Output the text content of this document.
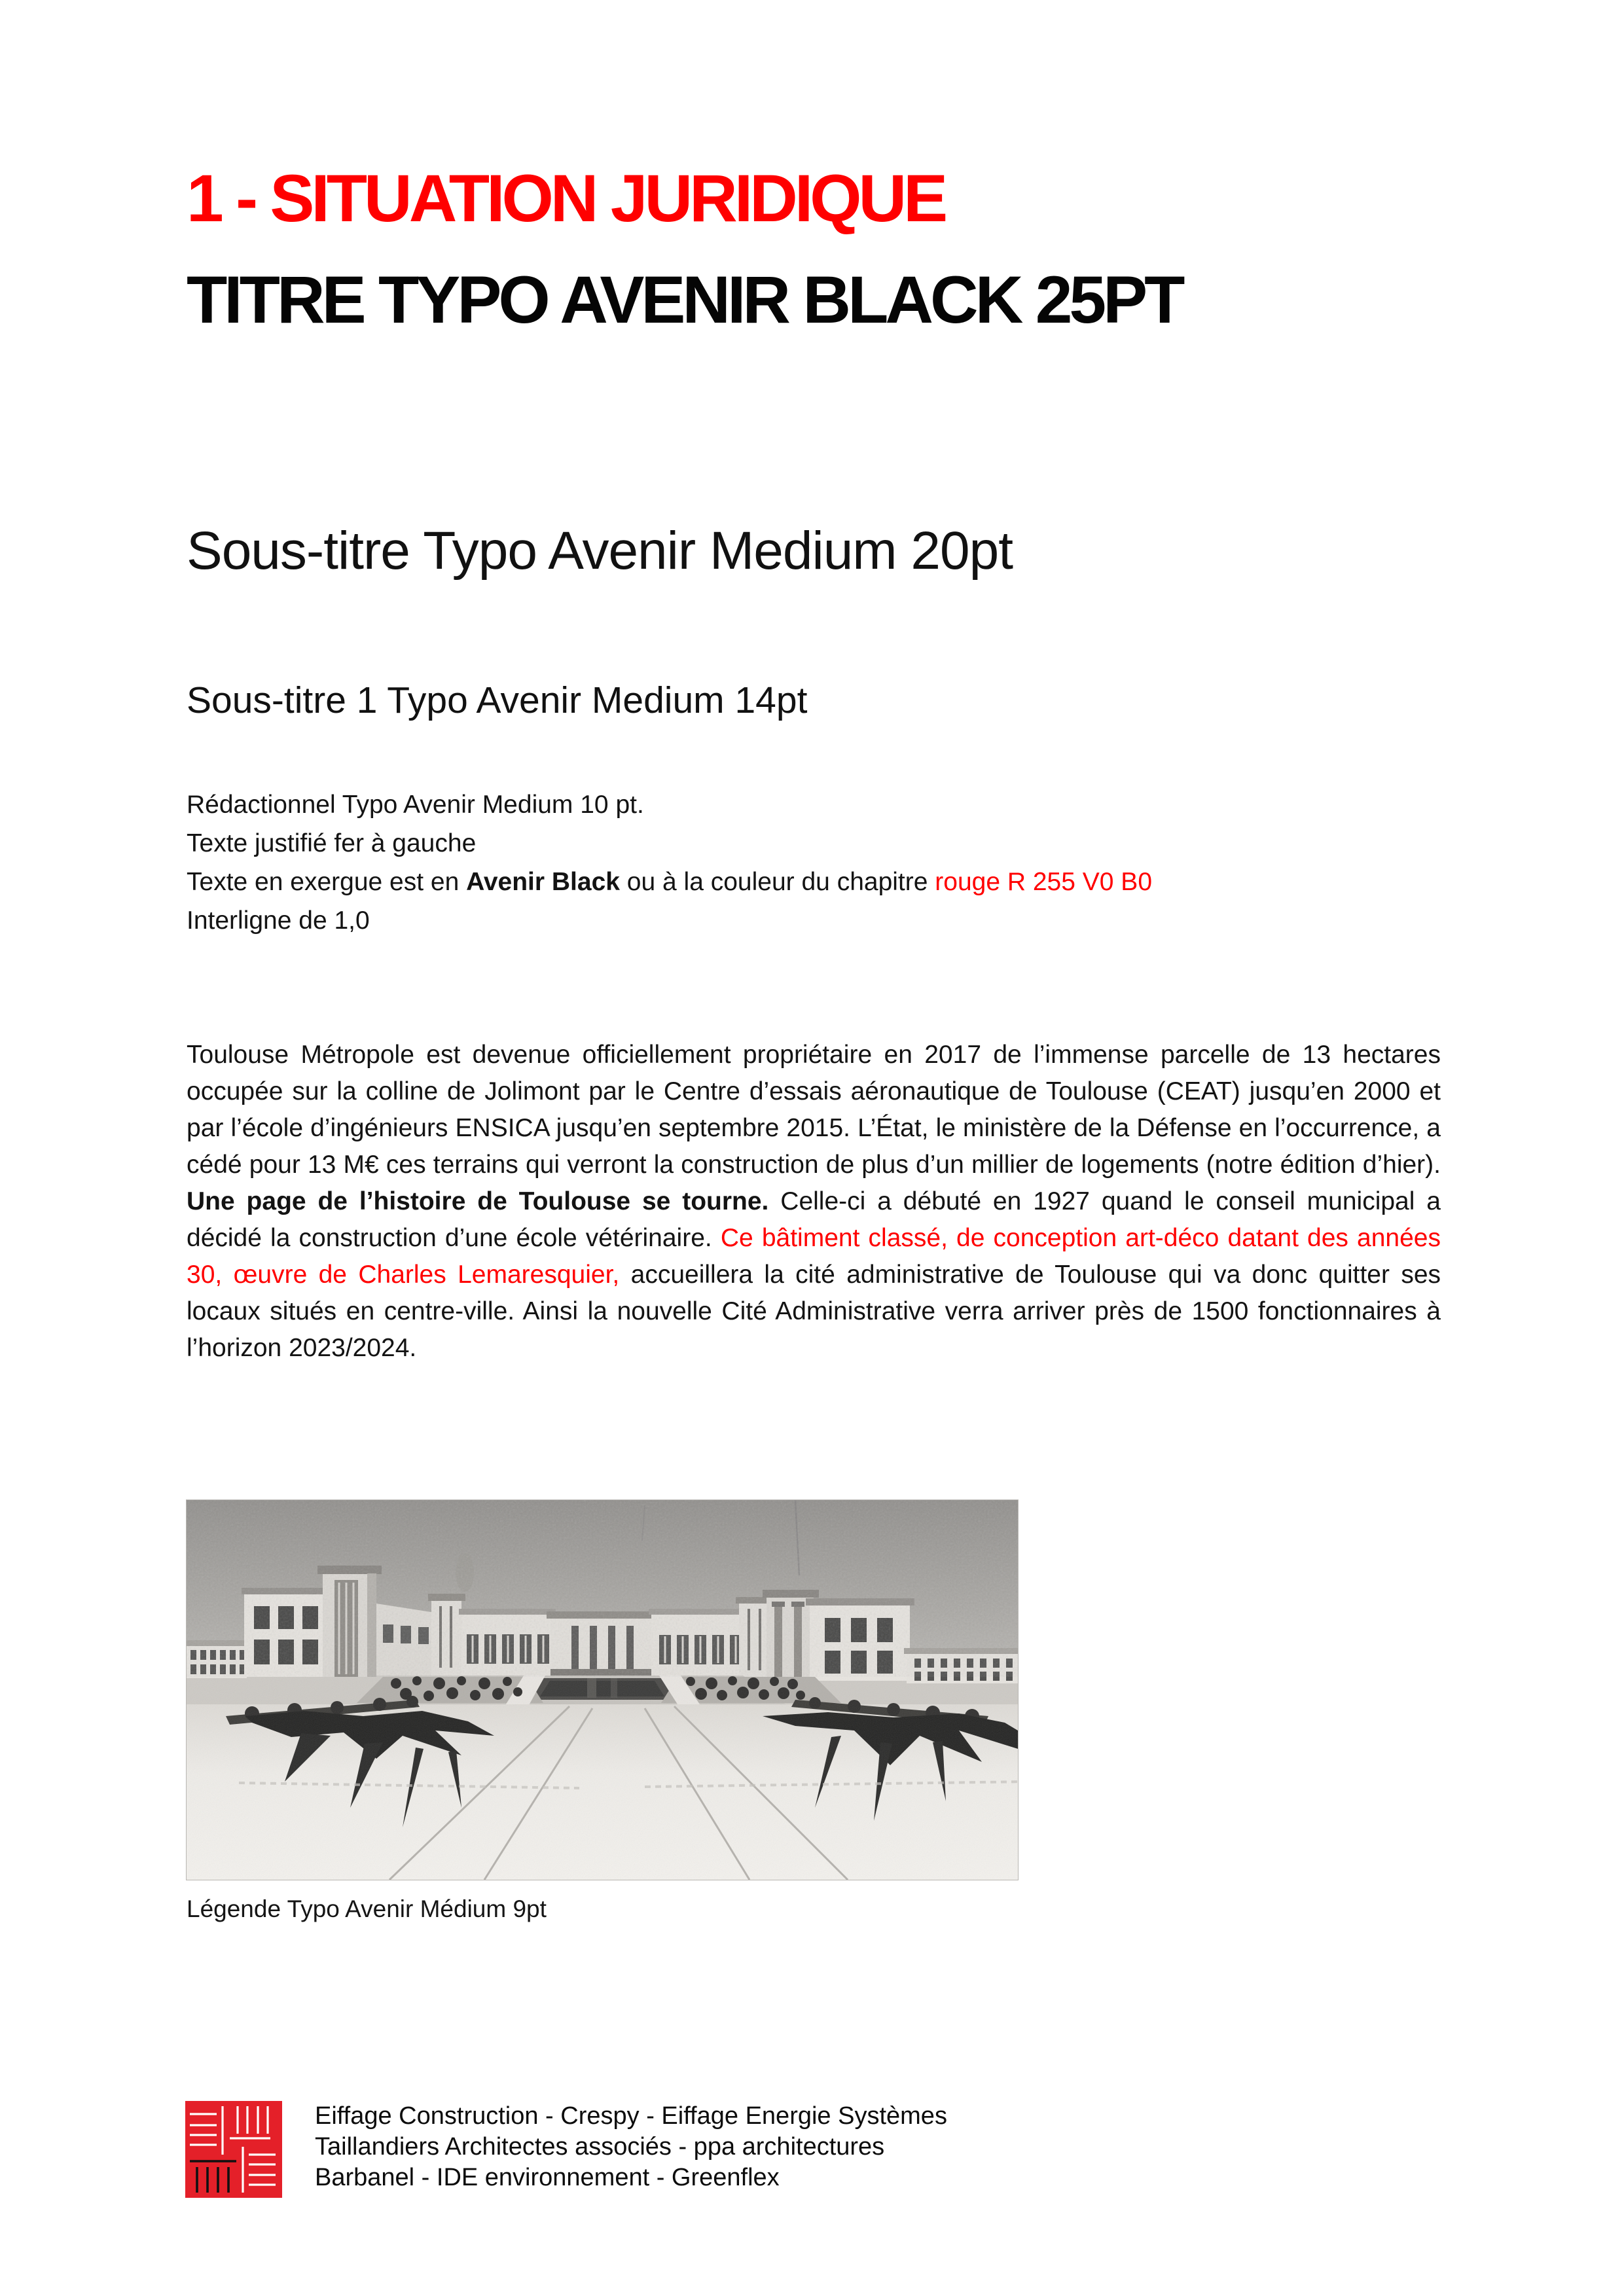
1 - SITUATION JURIDIQUE
TITRE TYPO AVENIR BLACK 25PT
Sous-titre Typo Avenir Medium 20pt
Sous-titre 1 Typo Avenir Medium 14pt
Rédactionnel Typo Avenir Medium 10 pt.
Texte justifié fer à gauche
Texte en exergue est en Avenir Black ou à la couleur du chapitre rouge R 255 V0 B0
Interligne de 1,0

Toulouse Métropole est devenue officiellement propriétaire en 2017 de l’immense parcelle de 13 hectares occupée sur la colline de Jolimont par le Centre d’essais aéronautique de Toulouse (CEAT) jusqu’en 2000 et par l’école d’ingénieurs ENSICA jusqu’en septembre 2015. L’État, le ministère de la Défense en l’occurrence, a cédé pour 13 M€ ces terrains qui verront la construction de plus d’un millier de logements (notre édition d’hier). Une page de l’histoire de Toulouse se tourne. Celle-ci a débuté en 1927 quand le conseil municipal a décidé la construction d’une école vétérinaire. Ce bâtiment classé, de conception art-déco datant des années 30, œuvre de Charles Lemaresquier, accueillera la cité administrative de Toulouse qui va donc quitter ses locaux situés en centre-ville. Ainsi la nouvelle Cité Administrative verra arriver près de 1500 fonctionnaires à l’horizon 2023/2024.

Légende Typo Avenir Médium 9pt
Eiffage Construction - Crespy - Eiffage Energie Systèmes
Taillandiers Architectes associés - ppa architectures
Barbanel - IDE environnement - Greenflex
